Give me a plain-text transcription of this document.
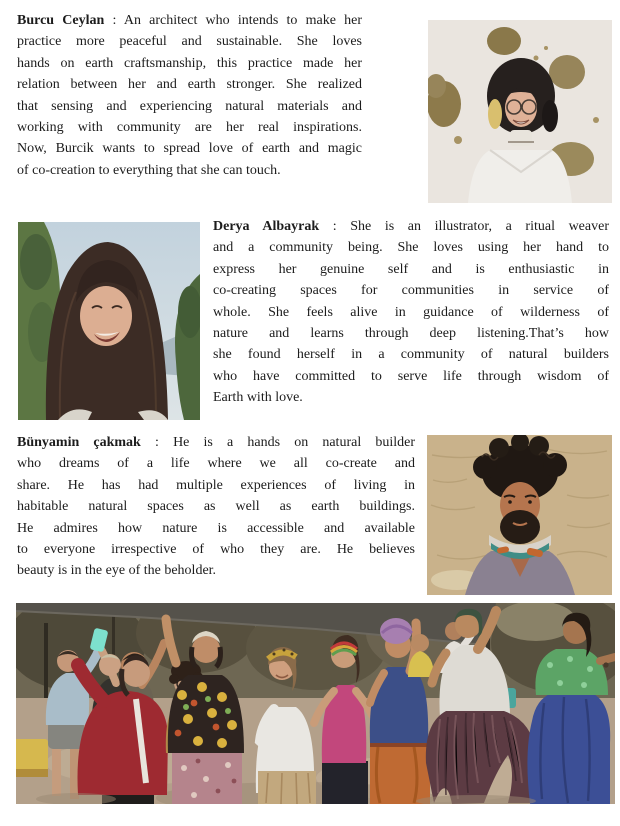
Burcu Ceylan : An architect who intends to make her
practice more peaceful and sustainable. She loves
hands on earth craftsmanship, this practice made her
relation between her and earth stronger. She realized
that sensing and experiencing natural materials and
working with community are her real inspirations.
Now, Burcik wants to spread love of earth and magic
of co-creation to everything that she can touch.
Derya Albayrak : She is an illustrator, a ritual weaver
and a community being. She loves using her hand to
express her genuine self and is enthusiastic in
co-creating spaces for communities in service of
whole. She feels alive in guidance of wilderness of
nature and learns through deep listening.That’s how
she found herself in a community of natural builders
who have committed to serve life through wisdom of
Earth with love.
Bünyamin çakmak : He is a hands on natural builder
who dreams of a life where we all co-create and
share. He has had multiple experiences of living in
habitable natural spaces as well as earth buildings.
He admires how nature is accessible and available
to everyone irrespective of who they are. He believes
beauty is in the eye of the beholder.
